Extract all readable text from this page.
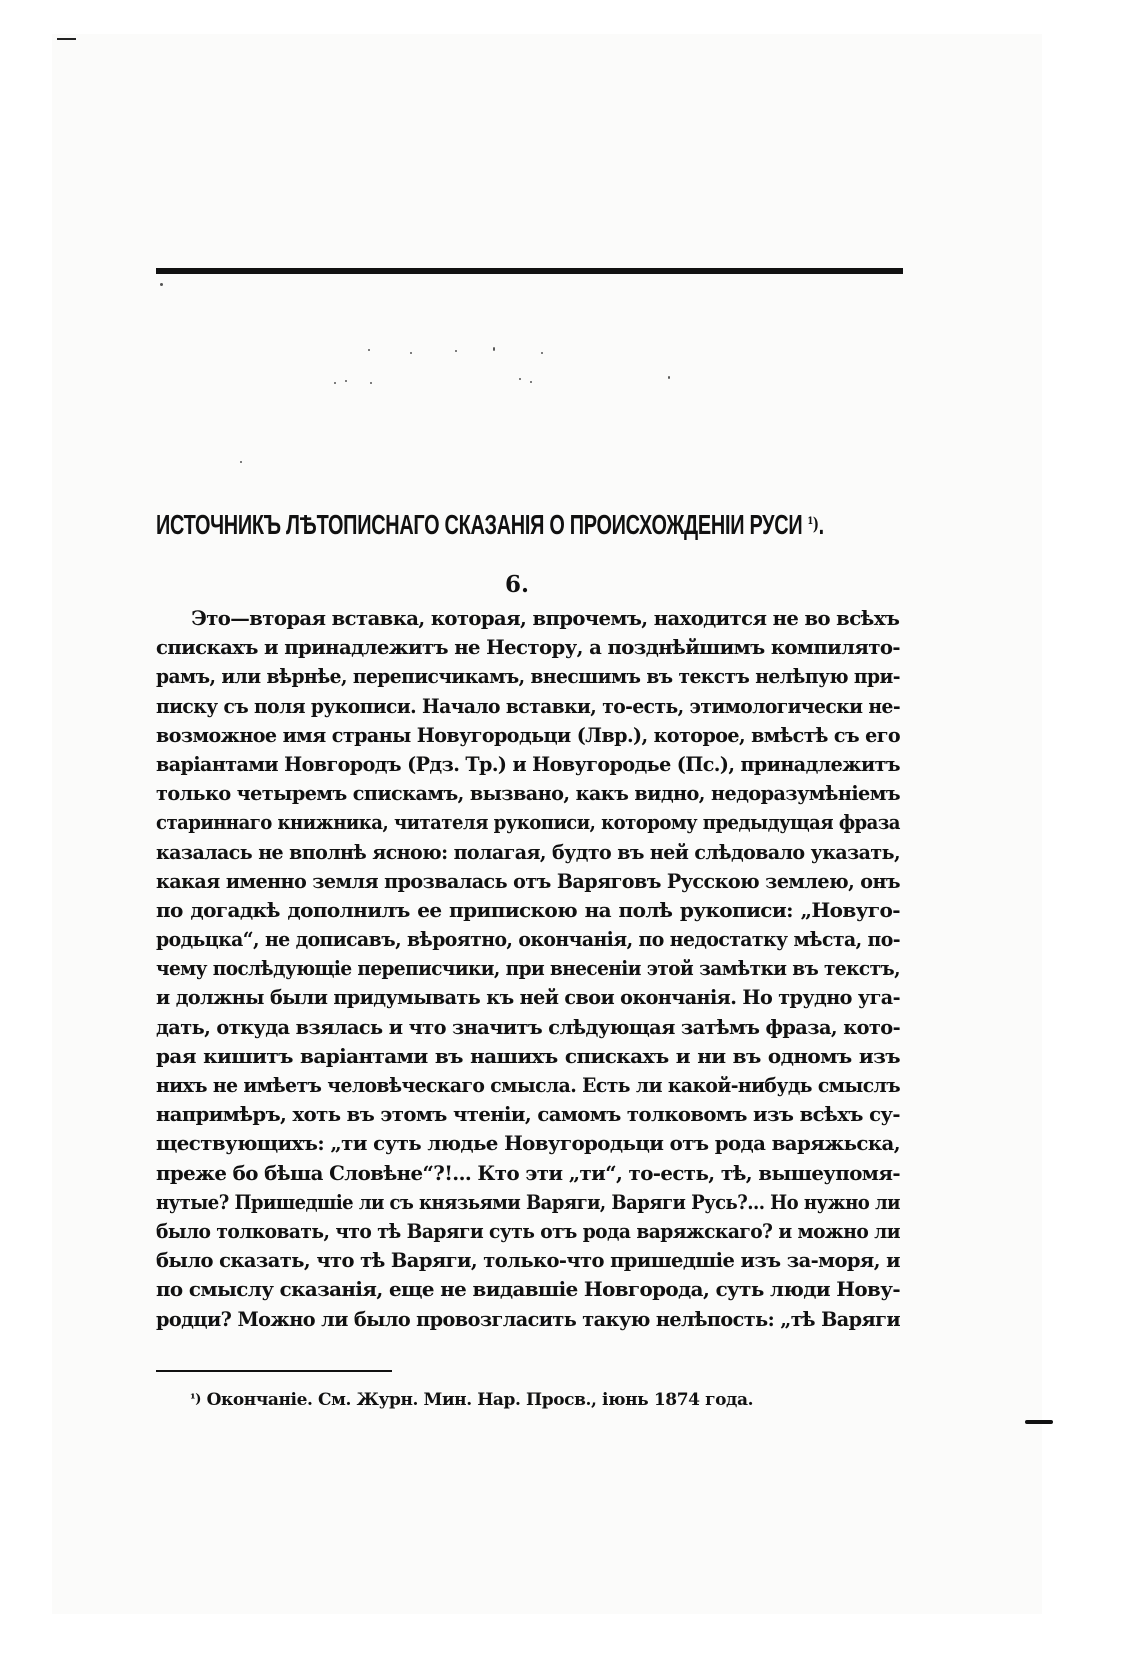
ИСТОЧНИКЪ ЛѢТОПИСНАГО СКАЗАНІЯ О ПРОИСХОЖДЕНІИ РУСИ $^{^1)}$.
6.
Это—вторая вставка, которая, впрочемъ, находится не во всѣхъ
спискахъ и принадлежитъ не Нестору, а позднѣйшимъ компилято-
рамъ, или вѣрнѣе, переписчикамъ, внесшимъ въ текстъ нелѣпую при-
писку съ поля рукописи. Начало вставки, то-есть, этимологически не-
возможное имя страны Новугородьци (Лвр.), которое, вмѣстѣ съ его
варіантами Новгородъ (Рдз. Тр.) и Новугородье (Пс.), принадлежитъ
только четыремъ спискамъ, вызвано, какъ видно, недоразумѣніемъ
стариннаго книжника, читателя рукописи, которому предыдущая фраза
казалась не вполнѣ ясною: полагая, будто въ ней слѣдовало указать,
какая именно земля прозвалась отъ Варяговъ Русскою землею, онъ
по догадкѣ дополнилъ ее припискою на полѣ рукописи: „Новуго-
родьцка“, не дописавъ, вѣроятно, окончанія, по недостатку мѣста, по-
чему послѣдующіе переписчики, при внесеніи этой замѣтки въ текстъ,
и должны были придумывать къ ней свои окончанія. Но трудно уга-
дать, откуда взялась и что значитъ слѣдующая затѣмъ фраза, кото-
рая кишитъ варіантами въ нашихъ спискахъ и ни въ одномъ изъ
нихъ не имѣетъ человѣческаго смысла. Есть ли какой-нибудь смыслъ
напримѣръ, хоть въ этомъ чтеніи, самомъ толковомъ изъ всѣхъ су-
ществующихъ: „ти суть людье Новугородьци отъ рода варяжьска,
преже бо бѣша Словѣне“?!... Кто эти „ти“, то-есть, тѣ, вышеупомя-
нутые? Пришедшіе ли съ князьями Варяги, Варяги Русь?... Но нужно ли
было толковать, что тѣ Варяги суть отъ рода варяжскаго? и можно ли
было сказать, что тѣ Варяги, только-что пришедшіе изъ за-моря, и
по смыслу сказанія, еще не видавшіе Новгорода, суть люди Нову-
родци? Можно ли было провозгласить такую нелѣпость: „тѣ Варяги
$^{^1)}$ Окончаніе. См. Журн. Мин. Нар. Просв., іюнь 1874 года.
